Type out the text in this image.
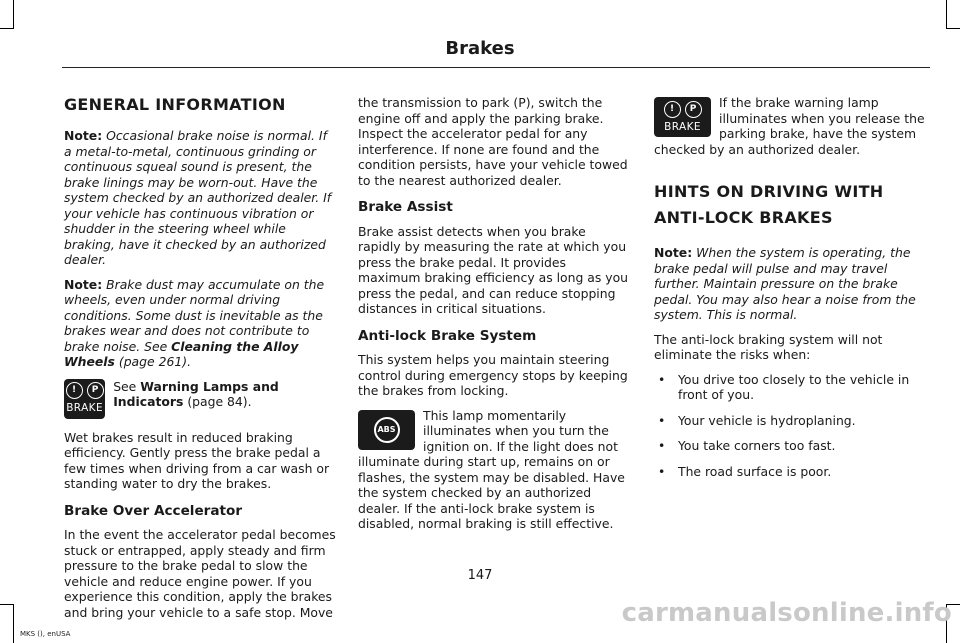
Brakes
GENERAL INFORMATION

Note: Occasional brake noise is normal. If a metal-to-metal, continuous grinding or continuous squeal sound is present, the brake linings may be worn-out. Have the system checked by an authorized dealer. If your vehicle has continuous vibration or shudder in the steering wheel while braking, have it checked by an authorized dealer.

Note: Brake dust may accumulate on the wheels, even under normal driving conditions. Some dust is inevitable as the brakes wear and does not contribute to brake noise. See Cleaning the Alloy Wheels (page 261).

!	P
BRAKE
See Warning Lamps and Indicators (page 84).

Wet brakes result in reduced braking efficiency. Gently press the brake pedal a few times when driving from a car wash or standing water to dry the brakes.

Brake Over Accelerator

In the event the accelerator pedal becomes stuck or entrapped, apply steady and firm pressure to the brake pedal to slow the vehicle and reduce engine power. If you experience this condition, apply the brakes and bring your vehicle to a safe stop. Move

the transmission to park (P), switch the engine off and apply the parking brake. Inspect the accelerator pedal for any interference. If none are found and the condition persists, have your vehicle towed to the nearest authorized dealer.

Brake Assist

Brake assist detects when you brake rapidly by measuring the rate at which you press the brake pedal. It provides maximum braking efficiency as long as you press the pedal, and can reduce stopping distances in critical situations.

Anti-lock Brake System

This system helps you maintain steering control during emergency stops by keeping the brakes from locking.

ABS
This lamp momentarily illuminates when you turn the ignition on. If the light does not illuminate during start up, remains on or flashes, the system may be disabled. Have the system checked by an authorized dealer. If the anti-lock brake system is disabled, normal braking is still effective.

!	P
BRAKE
If the brake warning lamp illuminates when you release the parking brake, have the system checked by an authorized dealer.

HINTS ON DRIVING WITH ANTI-LOCK BRAKES

Note: When the system is operating, the brake pedal will pulse and may travel further. Maintain pressure on the brake pedal. You may also hear a noise from the system. This is normal.

The anti-lock braking system will not eliminate the risks when:

• You drive too closely to the vehicle in front of you.
• Your vehicle is hydroplaning.
• You take corners too fast.
• The road surface is poor.
147
MKS (), enUSA
carmanualsonline.info
